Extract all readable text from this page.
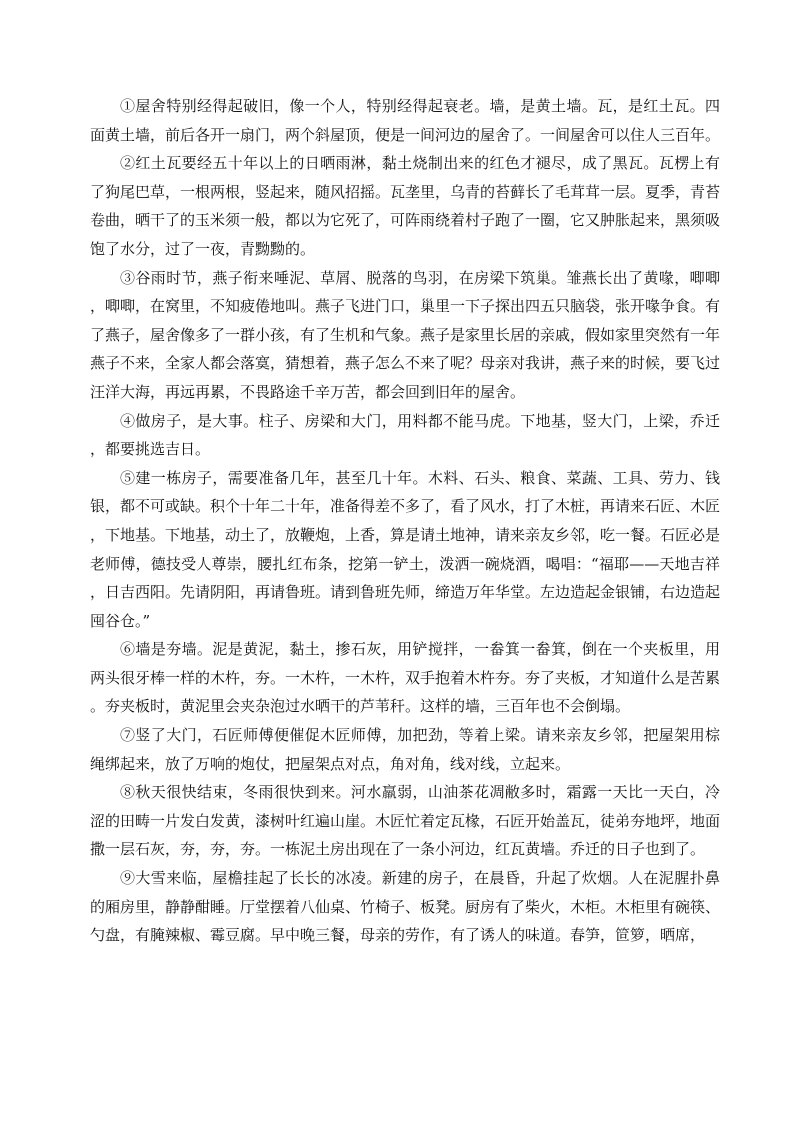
①屋舍特别经得起破旧，像一个人，特别经得起衰老。墙，是黄土墙。瓦，是红土瓦。四面黄土墙，前后各开一扇门，两个斜屋顶，便是一间河边的屋舍了。一间屋舍可以住人三百年。

②红土瓦要经五十年以上的日晒雨淋，黏土烧制出来的红色才褪尽，成了黑瓦。瓦楞上有了狗尾巴草，一根两根，竖起来，随风招摇。瓦垄里，乌青的苔藓长了毛茸茸一层。夏季，青苔卷曲，晒干了的玉米须一般，都以为它死了，可阵雨绕着村子跑了一圈，它又肿胀起来，黑须吸饱了水分，过了一夜，青黝黝的。

③谷雨时节，燕子衔来唾泥、草屑、脱落的鸟羽，在房梁下筑巢。雏燕长出了黄喙，唧唧，唧唧，在窝里，不知疲倦地叫。燕子飞进门口，巢里一下子探出四五只脑袋，张开喙争食。有了燕子，屋舍像多了一群小孩，有了生机和气象。燕子是家里长居的亲戚，假如家里突然有一年燕子不来，全家人都会落寞，猜想着，燕子怎么不来了呢？母亲对我讲，燕子来的时候，要飞过汪洋大海，再远再累，不畏路途千辛万苦，都会回到旧年的屋舍。

④做房子，是大事。柱子、房梁和大门，用料都不能马虎。下地基，竖大门，上梁，乔迁，都要挑选吉日。

⑤建一栋房子，需要准备几年，甚至几十年。木料、石头、粮食、菜蔬、工具、劳力、钱银，都不可或缺。积个十年二十年，准备得差不多了，看了风水，打了木桩，再请来石匠、木匠，下地基。下地基，动土了，放鞭炮，上香，算是请土地神，请来亲友乡邻，吃一餐。石匠必是老师傅，德技受人尊崇，腰扎红布条，挖第一铲土，泼洒一碗烧酒，喝唱：“福耶——天地吉祥，日吉西阳。先请阴阳，再请鲁班。请到鲁班先师，缔造万年华堂。左边造起金银铺，右边造起囤谷仓。”

⑥墙是夯墙。泥是黄泥，黏土，掺石灰，用铲搅拌，一畚箕一畚箕，倒在一个夹板里，用两头很牙棒一样的木杵，夯。一木杵，一木杵，双手抱着木杵夯。夯了夹板，才知道什么是苦累。夯夹板时，黄泥里会夹杂泡过水晒干的芦苇秆。这样的墙，三百年也不会倒塌。

⑦竖了大门，石匠师傅便催促木匠师傅，加把劲，等着上梁。请来亲友乡邻，把屋架用棕绳绑起来，放了万响的炮仗，把屋架点对点，角对角，线对线，立起来。

⑧秋天很快结束，冬雨很快到来。河水羸弱，山油茶花凋敝多时，霜露一天比一天白，冷涩的田畴一片发白发黄，漆树叶红遍山崖。木匠忙着定瓦椽，石匠开始盖瓦，徒弟夯地坪，地面撒一层石灰，夯，夯，夯。一栋泥土房出现在了一条小河边，红瓦黄墙。乔迁的日子也到了。

⑨大雪来临，屋檐挂起了长长的冰凌。新建的房子，在晨昏，升起了炊烟。人在泥腥扑鼻的厢房里，静静酣睡。厅堂摆着八仙桌、竹椅子、板凳。厨房有了柴火，木柜。木柜里有碗筷、勺盘，有腌辣椒、霉豆腐。早中晚三餐，母亲的劳作，有了诱人的味道。春笋，笸箩，晒席，
